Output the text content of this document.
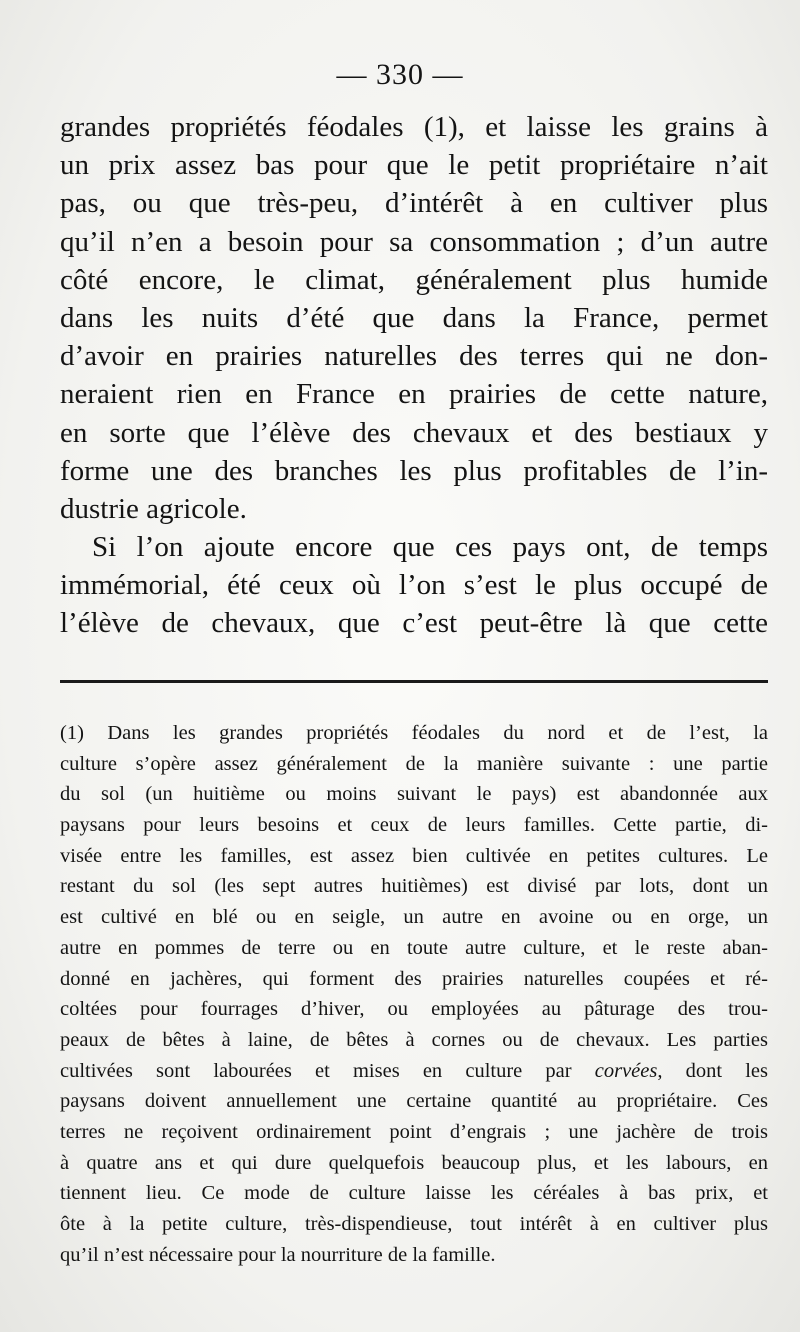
— 330 —
grandes propriétés féodales (1), et laisse les grains à
un prix assez bas pour que le petit propriétaire n’ait
pas, ou que très-peu, d’intérêt à en cultiver plus
qu’il n’en a besoin pour sa consommation ; d’un autre
côté encore, le climat, généralement plus humide
dans les nuits d’été que dans la France, permet
d’avoir en prairies naturelles des terres qui ne don-
neraient rien en France en prairies de cette nature,
en sorte que l’élève des chevaux et des bestiaux y
forme une des branches les plus profitables de l’in-
dustrie agricole.
Si l’on ajoute encore que ces pays ont, de temps
immémorial, été ceux où l’on s’est le plus occupé de
l’élève de chevaux, que c’est peut-être là que cette
(1) Dans les grandes propriétés féodales du nord et de l’est, la
culture s’opère assez généralement de la manière suivante : une partie
du sol (un huitième ou moins suivant le pays) est abandonnée aux
paysans pour leurs besoins et ceux de leurs familles. Cette partie, di-
visée entre les familles, est assez bien cultivée en petites cultures. Le
restant du sol (les sept autres huitièmes) est divisé par lots, dont un
est cultivé en blé ou en seigle, un autre en avoine ou en orge, un
autre en pommes de terre ou en toute autre culture, et le reste aban-
donné en jachères, qui forment des prairies naturelles coupées et ré-
coltées pour fourrages d’hiver, ou employées au pâturage des trou-
peaux de bêtes à laine, de bêtes à cornes ou de chevaux. Les parties
cultivées sont labourées et mises en culture par corvées, dont les
paysans doivent annuellement une certaine quantité au propriétaire. Ces
terres ne reçoivent ordinairement point d’engrais ; une jachère de trois
à quatre ans et qui dure quelquefois beaucoup plus, et les labours, en
tiennent lieu. Ce mode de culture laisse les céréales à bas prix, et
ôte à la petite culture, très-dispendieuse, tout intérêt à en cultiver plus
qu’il n’est nécessaire pour la nourriture de la famille.
